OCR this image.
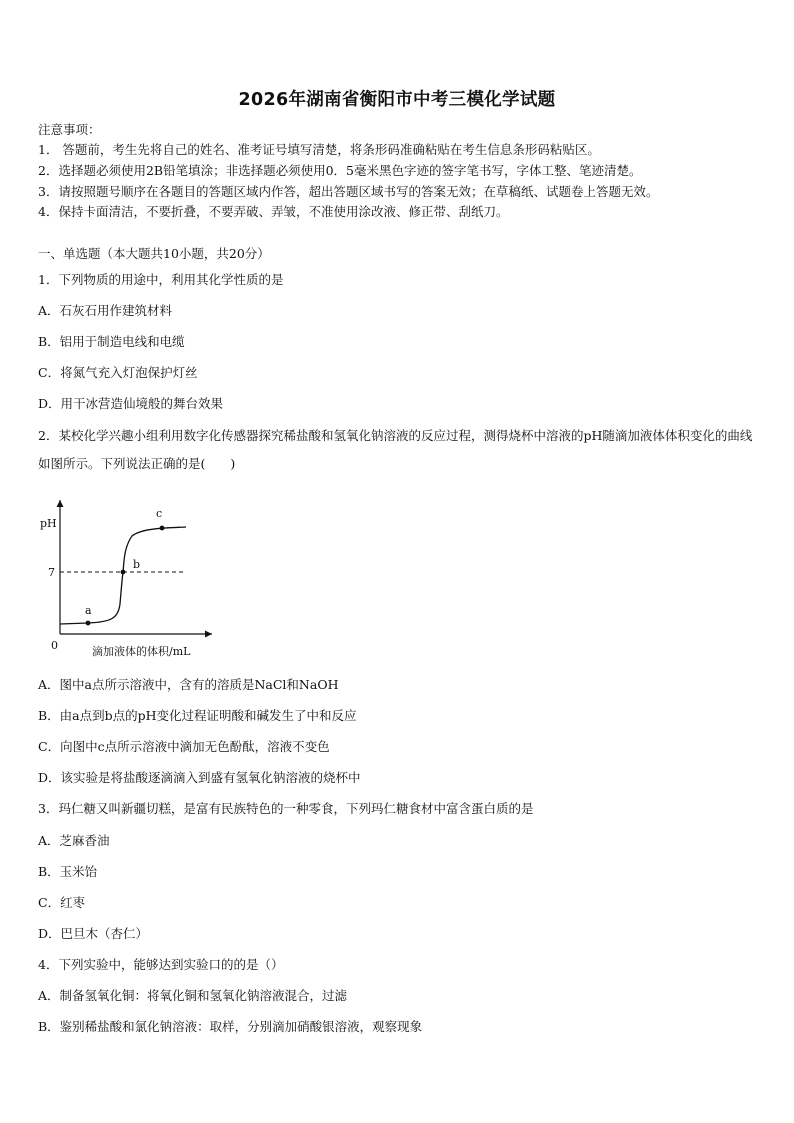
2026年湖南省衡阳市中考三模化学试题
注意事项：
1． 答题前，考生先将自己的姓名、准考证号填写清楚，将条形码准确粘贴在考生信息条形码粘贴区。
2．选择题必须使用2B铅笔填涂；非选择题必须使用0．5毫米黑色字迹的签字笔书写，字体工整、笔迹清楚。
3．请按照题号顺序在各题目的答题区域内作答，超出答题区域书写的答案无效；在草稿纸、试题卷上答题无效。
4．保持卡面清洁，不要折叠，不要弄破、弄皱，不准使用涂改液、修正带、刮纸刀。
一、单选题（本大题共10小题，共20分）
1．下列物质的用途中，利用其化学性质的是
A．石灰石用作建筑材料
B．铝用于制造电线和电缆
C．将氮气充入灯泡保护灯丝
D．用干冰营造仙境般的舞台效果
2．某校化学兴趣小组利用数字化传感器探究稀盐酸和氢氧化钠溶液的反应过程，测得烧杯中溶液的pH随滴加液体体积变化的曲线如图所示。下列说法正确的是(　　)
pH
7
0
a
b
c
滴加液体的体积/mL
A．图中a点所示溶液中，含有的溶质是NaCl和NaOH
B．由a点到b点的pH变化过程证明酸和碱发生了中和反应
C．向图中c点所示溶液中滴加无色酚酞，溶液不变色
D．该实验是将盐酸逐滴滴入到盛有氢氧化钠溶液的烧杯中
3．玛仁糖又叫新疆切糕，是富有民族特色的一种零食，下列玛仁糖食材中富含蛋白质的是
A．芝麻香油
B．玉米饴
C．红枣
D．巴旦木（杏仁）
4．下列实验中，能够达到实验口的的是（）
A．制备氢氧化铜：将氧化铜和氢氧化钠溶液混合，过滤
B．鉴别稀盐酸和氯化钠溶液：取样，分别滴加硝酸银溶液，观察现象
